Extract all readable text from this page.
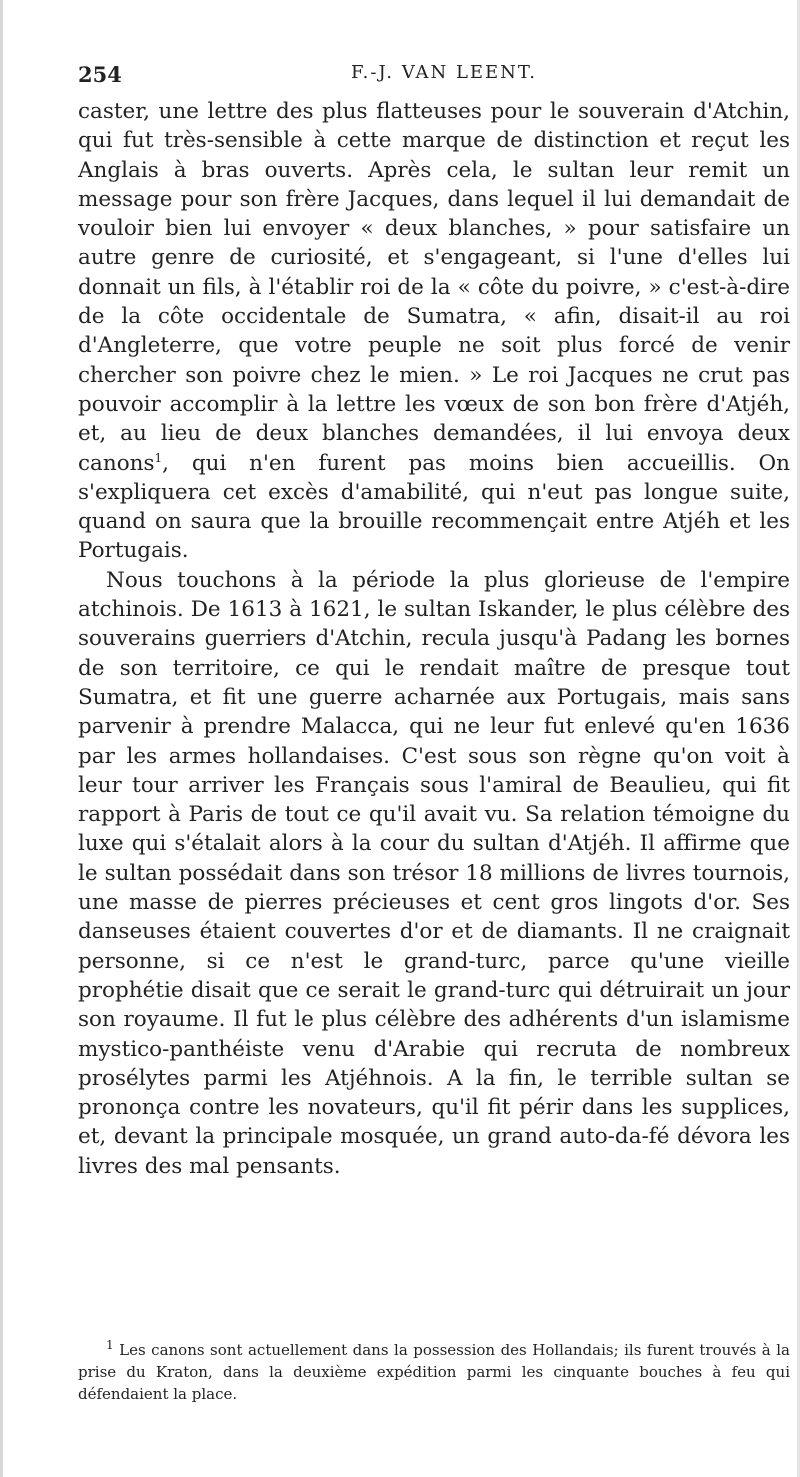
254	F.-J. VAN LEENT.

caster, une lettre des plus flatteuses pour le souverain d'Atchin, qui fut très-sensible à cette marque de distinction et reçut les Anglais à bras ouverts. Après cela, le sultan leur remit un message pour son frère Jacques, dans lequel il lui demandait de vouloir bien lui envoyer « deux blanches, » pour satisfaire un autre genre de curiosité, et s'engageant, si l'une d'elles lui donnait un fils, à l'établir roi de la « côte du poivre, » c'est-à-dire de la côte occidentale de Sumatra, « afin, disait-il au roi d'Angleterre, que votre peuple ne soit plus forcé de venir chercher son poivre chez le mien. » Le roi Jacques ne crut pas pouvoir accomplir à la lettre les vœux de son bon frère d'Atjéh, et, au lieu de deux blanches demandées, il lui envoya deux canons$^1$, qui n'en furent pas moins bien accueillis. On s'expliquera cet excès d'amabilité, qui n'eut pas longue suite, quand on saura que la brouille recommençait entre Atjéh et les Portugais.

Nous touchons à la période la plus glorieuse de l'empire atchinois. De 1613 à 1621, le sultan Iskander, le plus célèbre des souverains guerriers d'Atchin, recula jusqu'à Padang les bornes de son territoire, ce qui le rendait maître de presque tout Sumatra, et fit une guerre acharnée aux Portugais, mais sans parvenir à prendre Malacca, qui ne leur fut enlevé qu'en 1636 par les armes hollandaises. C'est sous son règne qu'on voit à leur tour arriver les Français sous l'amiral de Beaulieu, qui fit rapport à Paris de tout ce qu'il avait vu. Sa relation témoigne du luxe qui s'étalait alors à la cour du sultan d'Atjéh. Il affirme que le sultan possédait dans son trésor 18 millions de livres tournois, une masse de pierres précieuses et cent gros lingots d'or. Ses danseuses étaient couvertes d'or et de diamants. Il ne craignait personne, si ce n'est le grand-turc, parce qu'une vieille prophétie disait que ce serait le grand-turc qui détruirait un jour son royaume. Il fut le plus célèbre des adhérents d'un islamisme mystico-panthéiste venu d'Arabie qui recruta de nombreux prosélytes parmi les Atjéhnois. A la fin, le terrible sultan se prononça contre les novateurs, qu'il fit périr dans les supplices, et, devant la principale mosquée, un grand auto-da-fé dévora les livres des mal pensants.

$^1$ Les canons sont actuellement dans la possession des Hollandais; ils furent trouvés à la prise du Kraton, dans la deuxième expédition parmi les cinquante bouches à feu qui défendaient la place.
